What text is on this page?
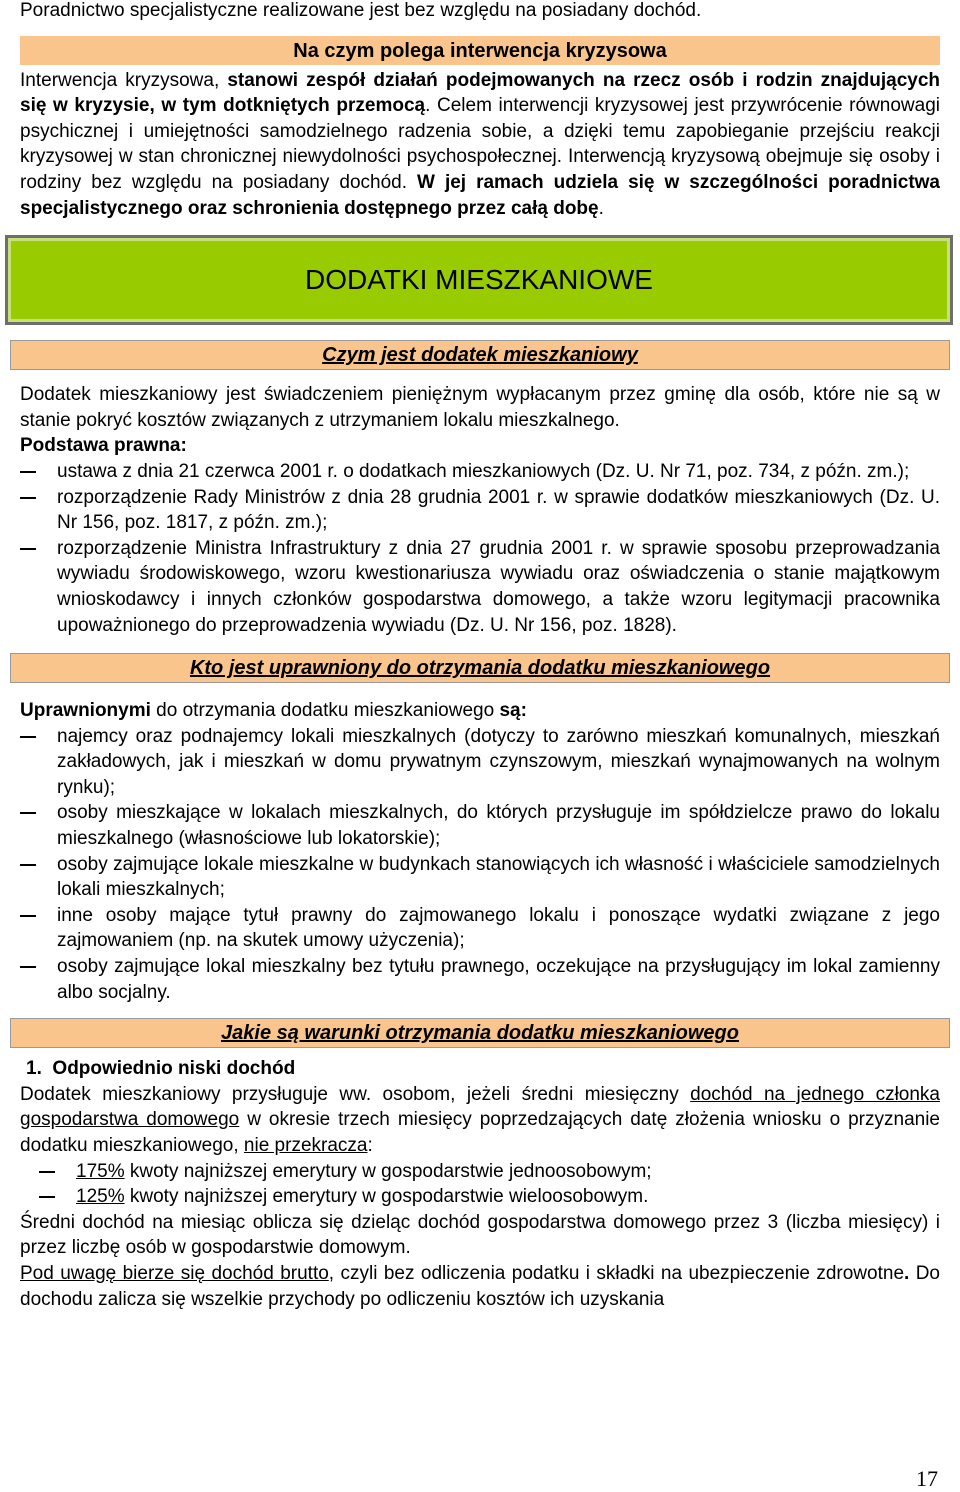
Poradnictwo specjalistyczne realizowane jest bez względu na posiadany dochód.

Na czym polega interwencja kryzysowa

Interwencja kryzysowa, stanowi zespół działań podejmowanych na rzecz osób i rodzin znajdujących się w kryzysie, w tym dotkniętych przemocą. Celem interwencji kryzysowej jest przywrócenie równowagi psychicznej i umiejętności samodzielnego radzenia sobie, a dzięki temu zapobieganie przejściu reakcji kryzysowej w stan chronicznej niewydolności psychospołecznej. Interwencją kryzysową obejmuje się osoby i rodziny bez względu na posiadany dochód. W jej ramach udziela się w szczególności poradnictwa specjalistycznego oraz schronienia dostępnego przez całą dobę.

DODATKI MIESZKANIOWE
Czym jest dodatek mieszkaniowy

Dodatek mieszkaniowy jest świadczeniem pieniężnym wypłacanym przez gminę dla osób, które nie są w stanie pokryć kosztów związanych z utrzymaniem lokalu mieszkalnego.

Podstawa prawna:

ustawa z dnia 21 czerwca 2001 r. o dodatkach mieszkaniowych (Dz. U. Nr 71, poz. 734, z późn. zm.);
rozporządzenie Rady Ministrów z dnia 28 grudnia 2001 r. w sprawie dodatków mieszkaniowych (Dz. U. Nr 156, poz. 1817, z późn. zm.);
rozporządzenie Ministra Infrastruktury z dnia 27 grudnia 2001 r. w sprawie sposobu przeprowadzania wywiadu środowiskowego, wzoru kwestionariusza wywiadu oraz oświadczenia o stanie majątkowym wnioskodawcy i innych członków gospodarstwa domowego, a także wzoru legitymacji pracownika upoważnionego do przeprowadzenia wywiadu (Dz. U. Nr 156, poz. 1828).
Kto jest uprawniony do otrzymania dodatku mieszkaniowego

Uprawnionymi do otrzymania dodatku mieszkaniowego są:

najemcy oraz podnajemcy lokali mieszkalnych (dotyczy to zarówno mieszkań komunalnych, mieszkań zakładowych, jak i mieszkań w domu prywatnym czynszowym, mieszkań wynajmowanych na wolnym rynku);
osoby mieszkające w lokalach mieszkalnych, do których przysługuje im spółdzielcze prawo do lokalu mieszkalnego (własnościowe lub lokatorskie);
osoby zajmujące lokale mieszkalne w budynkach stanowiących ich własność i właściciele samodzielnych lokali mieszkalnych;
inne osoby mające tytuł prawny do zajmowanego lokalu i ponoszące wydatki związane z jego zajmowaniem (np. na skutek umowy użyczenia);
osoby zajmujące lokal mieszkalny bez tytułu prawnego, oczekujące na przysługujący im lokal zamienny albo socjalny.
Jakie są warunki otrzymania dodatku mieszkaniowego

1. Odpowiednio niski dochód

Dodatek mieszkaniowy przysługuje ww. osobom, jeżeli średni miesięczny dochód na jednego członka gospodarstwa domowego w okresie trzech miesięcy poprzedzających datę złożenia wniosku o przyznanie dodatku mieszkaniowego, nie przekracza:

175% kwoty najniższej emerytury w gospodarstwie jednoosobowym;
125% kwoty najniższej emerytury w gospodarstwie wieloosobowym.

Średni dochód na miesiąc oblicza się dzieląc dochód gospodarstwa domowego przez 3 (liczba miesięcy) i przez liczbę osób w gospodarstwie domowym.

Pod uwagę bierze się dochód brutto, czyli bez odliczenia podatku i składki na ubezpieczenie zdrowotne. Do dochodu zalicza się wszelkie przychody po odliczeniu kosztów ich uzyskania

17
